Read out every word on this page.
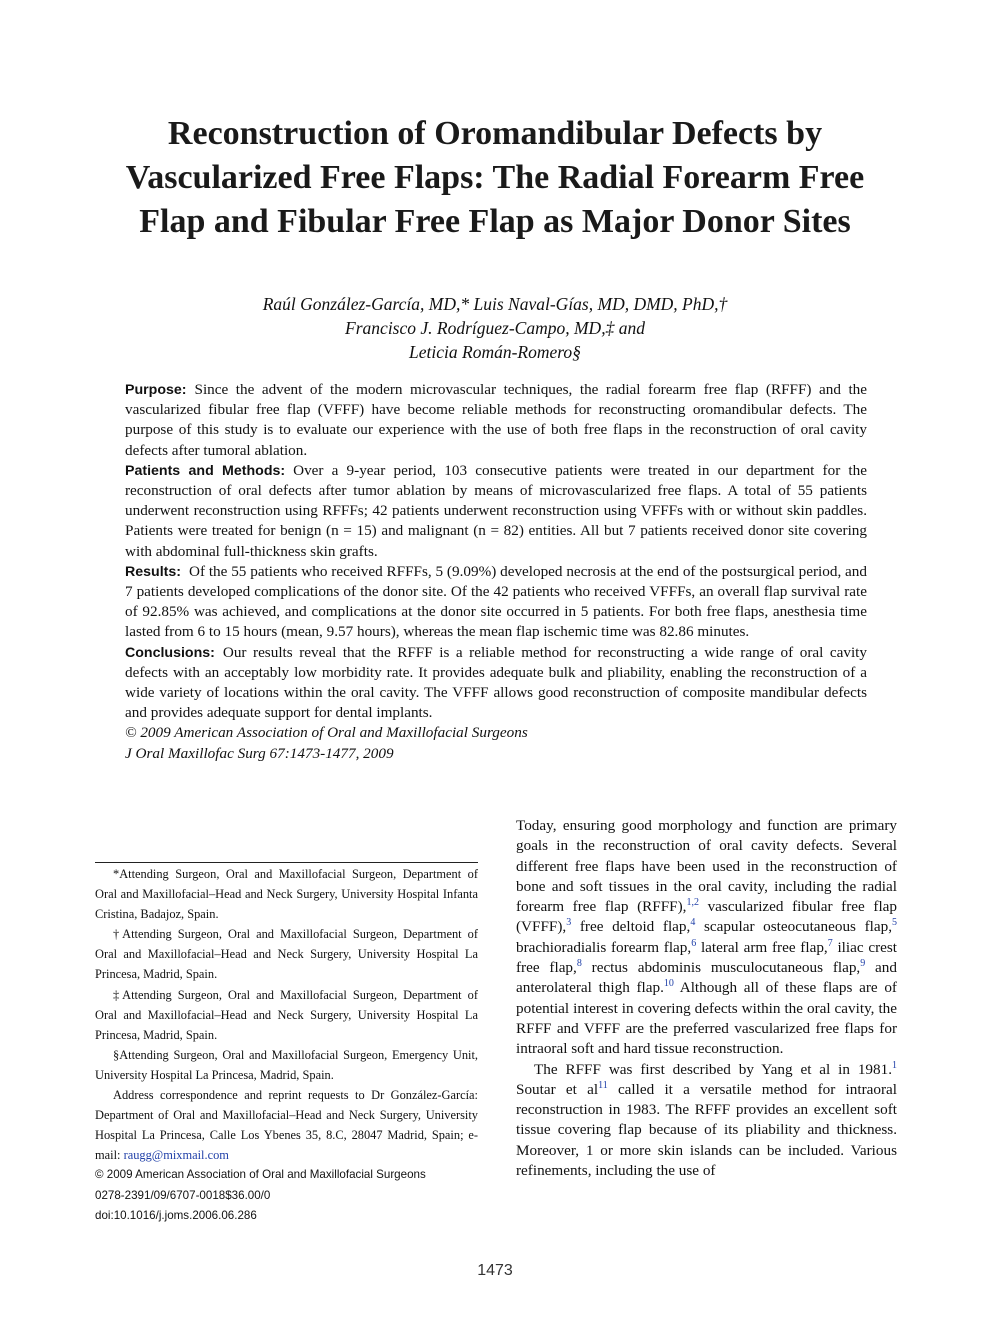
Reconstruction of Oromandibular Defects by Vascularized Free Flaps: The Radial Forearm Free Flap and Fibular Free Flap as Major Donor Sites
Raúl González-García, MD,* Luis Naval-Gías, MD, DMD, PhD,†
Francisco J. Rodríguez-Campo, MD,‡ and
Leticia Román-Romero§

Purpose: Since the advent of the modern microvascular techniques, the radial forearm free flap (RFFF) and the vascularized fibular free flap (VFFF) have become reliable methods for reconstructing oromandibular defects. The purpose of this study is to evaluate our experience with the use of both free flaps in the reconstruction of oral cavity defects after tumoral ablation.

Patients and Methods: Over a 9-year period, 103 consecutive patients were treated in our department for the reconstruction of oral defects after tumor ablation by means of microvascularized free flaps. A total of 55 patients underwent reconstruction using RFFFs; 42 patients underwent reconstruction using VFFFs with or without skin paddles. Patients were treated for benign (n = 15) and malignant (n = 82) entities. All but 7 patients received donor site covering with abdominal full-thickness skin grafts.

Results: Of the 55 patients who received RFFFs, 5 (9.09%) developed necrosis at the end of the postsurgical period, and 7 patients developed complications of the donor site. Of the 42 patients who received VFFFs, an overall flap survival rate of 92.85% was achieved, and complications at the donor site occurred in 5 patients. For both free flaps, anesthesia time lasted from 6 to 15 hours (mean, 9.57 hours), whereas the mean flap ischemic time was 82.86 minutes.

Conclusions: Our results reveal that the RFFF is a reliable method for reconstructing a wide range of oral cavity defects with an acceptably low morbidity rate. It provides adequate bulk and pliability, enabling the reconstruction of a wide variety of locations within the oral cavity. The VFFF allows good reconstruction of composite mandibular defects and provides adequate support for dental implants.

© 2009 American Association of Oral and Maxillofacial Surgeons

J Oral Maxillofac Surg 67:1473-1477, 2009

*Attending Surgeon, Oral and Maxillofacial Surgeon, Department of Oral and Maxillofacial–Head and Neck Surgery, University Hospital Infanta Cristina, Badajoz, Spain.

†Attending Surgeon, Oral and Maxillofacial Surgeon, Department of Oral and Maxillofacial–Head and Neck Surgery, University Hospital La Princesa, Madrid, Spain.

‡Attending Surgeon, Oral and Maxillofacial Surgeon, Department of Oral and Maxillofacial–Head and Neck Surgery, University Hospital La Princesa, Madrid, Spain.

§Attending Surgeon, Oral and Maxillofacial Surgeon, Emergency Unit, University Hospital La Princesa, Madrid, Spain.

Address correspondence and reprint requests to Dr González-García: Department of Oral and Maxillofacial–Head and Neck Surgery, University Hospital La Princesa, Calle Los Ybenes 35, 8.C, 28047 Madrid, Spain; e-mail: raugg@mixmail.com

© 2009 American Association of Oral and Maxillofacial Surgeons

0278-2391/09/6707-0018$36.00/0

doi:10.1016/j.joms.2006.06.286

Today, ensuring good morphology and function are primary goals in the reconstruction of oral cavity defects. Several different free flaps have been used in the reconstruction of bone and soft tissues in the oral cavity, including the radial forearm free flap (RFFF),$^{1,2}$ vascularized fibular free flap (VFFF),$^3$ free deltoid flap,$^4$ scapular osteocutaneous flap,$^5$ brachioradialis forearm flap,$^6$ lateral arm free flap,$^7$ iliac crest free flap,$^8$ rectus abdominis musculocutaneous flap,$^9$ and anterolateral thigh flap.$^{10}$ Although all of these flaps are of potential interest in covering defects within the oral cavity, the RFFF and VFFF are the preferred vascularized free flaps for intraoral soft and hard tissue reconstruction.

The RFFF was first described by Yang et al in 1981.$^1$ Soutar et al$^{11}$ called it a versatile method for intraoral reconstruction in 1983. The RFFF provides an excellent soft tissue covering flap because of its pliability and thickness. Moreover, 1 or more skin islands can be included. Various refinements, including the use of

1473
